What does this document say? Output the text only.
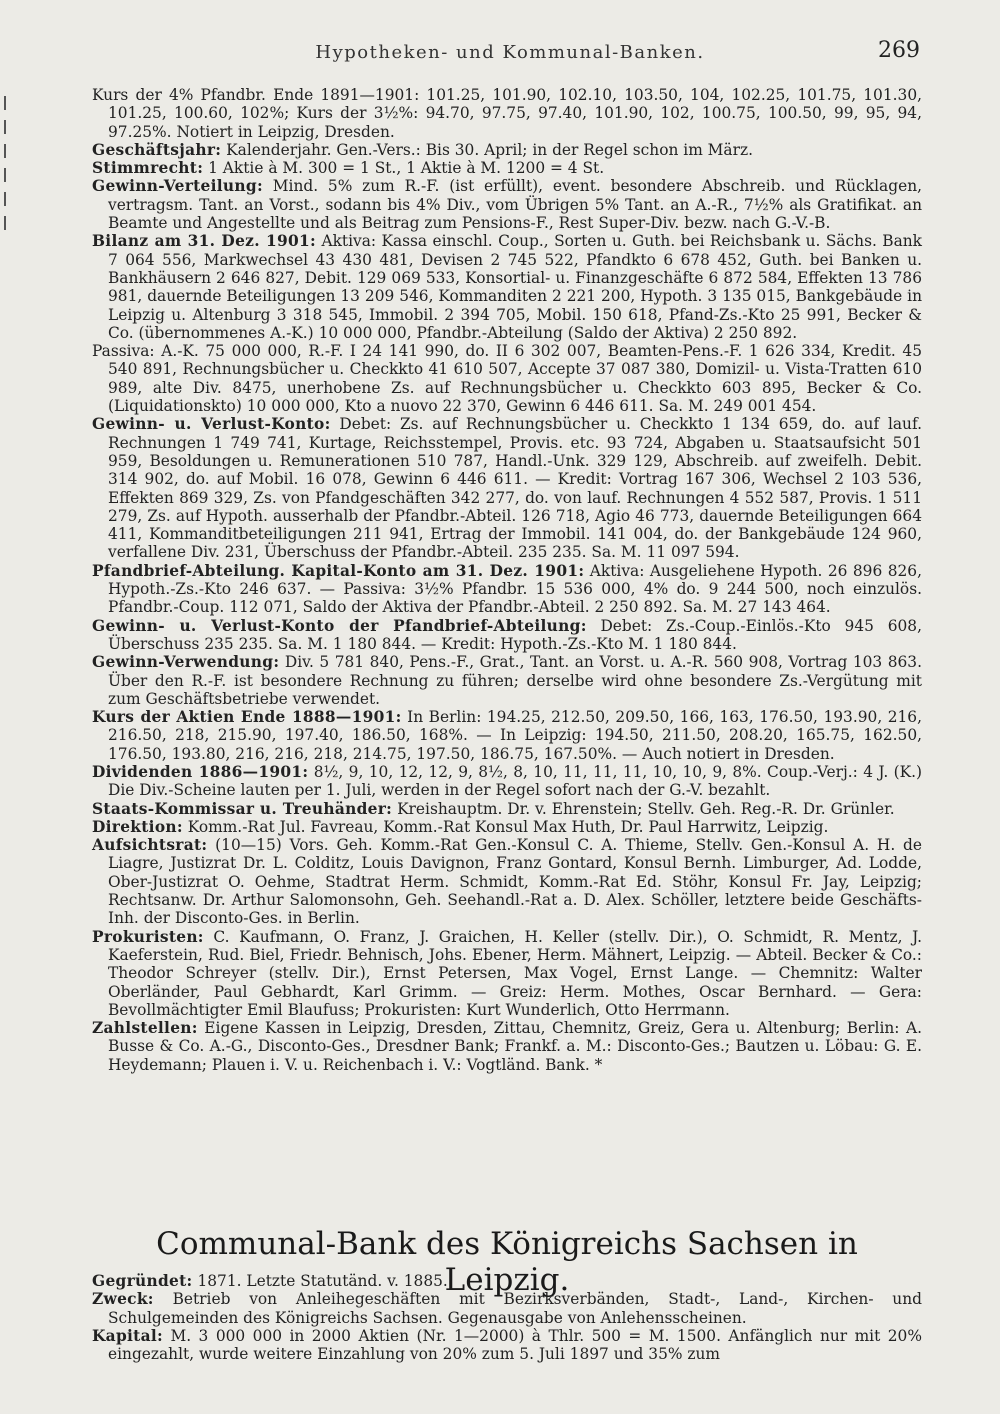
Hypotheken- und Kommunal-Banken.	269

Kurs der 4% Pfandbr. Ende 1891—1901: 101.25, 101.90, 102.10, 103.50, 104, 102.25, 101.75, 101.30, 101.25, 100.60, 102%; Kurs der 3½%: 94.70, 97.75, 97.40, 101.90, 102, 100.75, 100.50, 99, 95, 94, 97.25%. Notiert in Leipzig, Dresden.

Geschäftsjahr: Kalenderjahr. Gen.-Vers.: Bis 30. April; in der Regel schon im März.

Stimmrecht: 1 Aktie à M. 300 = 1 St., 1 Aktie à M. 1200 = 4 St.

Gewinn-Verteilung: Mind. 5% zum R.-F. (ist erfüllt), event. besondere Abschreib. und Rücklagen, vertragsm. Tant. an Vorst., sodann bis 4% Div., vom Übrigen 5% Tant. an A.-R., 7½% als Gratifikat. an Beamte und Angestellte und als Beitrag zum Pensions-F., Rest Super-Div. bezw. nach G.-V.-B.

Bilanz am 31. Dez. 1901: Aktiva: Kassa einschl. Coup., Sorten u. Guth. bei Reichsbank u. Sächs. Bank 7 064 556, Markwechsel 43 430 481, Devisen 2 745 522, Pfandkto 6 678 452, Guth. bei Banken u. Bankhäusern 2 646 827, Debit. 129 069 533, Konsortial- u. Finanzgeschäfte 6 872 584, Effekten 13 786 981, dauernde Beteiligungen 13 209 546, Kommanditen 2 221 200, Hypoth. 3 135 015, Bankgebäude in Leipzig u. Altenburg 3 318 545, Immobil. 2 394 705, Mobil. 150 618, Pfand-Zs.-Kto 25 991, Becker & Co. (übernommenes A.-K.) 10 000 000, Pfandbr.-Abteilung (Saldo der Aktiva) 2 250 892.

Passiva: A.-K. 75 000 000, R.-F. I 24 141 990, do. II 6 302 007, Beamten-Pens.-F. 1 626 334, Kredit. 45 540 891, Rechnungsbücher u. Checkkto 41 610 507, Accepte 37 087 380, Domizil- u. Vista-Tratten 610 989, alte Div. 8475, unerhobene Zs. auf Rechnungsbücher u. Checkkto 603 895, Becker & Co. (Liquidationskto) 10 000 000, Kto a nuovo 22 370, Gewinn 6 446 611. Sa. M. 249 001 454.

Gewinn- u. Verlust-Konto: Debet: Zs. auf Rechnungsbücher u. Checkkto 1 134 659, do. auf lauf. Rechnungen 1 749 741, Kurtage, Reichsstempel, Provis. etc. 93 724, Abgaben u. Staatsaufsicht 501 959, Besoldungen u. Remunerationen 510 787, Handl.-Unk. 329 129, Abschreib. auf zweifelh. Debit. 314 902, do. auf Mobil. 16 078, Gewinn 6 446 611. — Kredit: Vortrag 167 306, Wechsel 2 103 536, Effekten 869 329, Zs. von Pfandgeschäften 342 277, do. von lauf. Rechnungen 4 552 587, Provis. 1 511 279, Zs. auf Hypoth. ausserhalb der Pfandbr.-Abteil. 126 718, Agio 46 773, dauernde Beteiligungen 664 411, Kommanditbeteiligungen 211 941, Ertrag der Immobil. 141 004, do. der Bankgebäude 124 960, verfallene Div. 231, Überschuss der Pfandbr.-Abteil. 235 235. Sa. M. 11 097 594.

Pfandbrief-Abteilung. Kapital-Konto am 31. Dez. 1901: Aktiva: Ausgeliehene Hypoth. 26 896 826, Hypoth.-Zs.-Kto 246 637. — Passiva: 3½% Pfandbr. 15 536 000, 4% do. 9 244 500, noch einzulös. Pfandbr.-Coup. 112 071, Saldo der Aktiva der Pfandbr.-Abteil. 2 250 892. Sa. M. 27 143 464.

Gewinn- u. Verlust-Konto der Pfandbrief-Abteilung: Debet: Zs.-Coup.-Einlös.-Kto 945 608, Überschuss 235 235. Sa. M. 1 180 844. — Kredit: Hypoth.-Zs.-Kto M. 1 180 844.

Gewinn-Verwendung: Div. 5 781 840, Pens.-F., Grat., Tant. an Vorst. u. A.-R. 560 908, Vortrag 103 863. Über den R.-F. ist besondere Rechnung zu führen; derselbe wird ohne besondere Zs.-Vergütung mit zum Geschäftsbetriebe verwendet.

Kurs der Aktien Ende 1888—1901: In Berlin: 194.25, 212.50, 209.50, 166, 163, 176.50, 193.90, 216, 216.50, 218, 215.90, 197.40, 186.50, 168%. — In Leipzig: 194.50, 211.50, 208.20, 165.75, 162.50, 176.50, 193.80, 216, 216, 218, 214.75, 197.50, 186.75, 167.50%. — Auch notiert in Dresden.

Dividenden 1886—1901: 8½, 9, 10, 12, 12, 9, 8½, 8, 10, 11, 11, 11, 10, 10, 9, 8%. Coup.-Verj.: 4 J. (K.) Die Div.-Scheine lauten per 1. Juli, werden in der Regel sofort nach der G.-V. bezahlt.

Staats-Kommissar u. Treuhänder: Kreishauptm. Dr. v. Ehrenstein; Stellv. Geh. Reg.-R. Dr. Grünler.

Direktion: Komm.-Rat Jul. Favreau, Komm.-Rat Konsul Max Huth, Dr. Paul Harrwitz, Leipzig.

Aufsichtsrat: (10—15) Vors. Geh. Komm.-Rat Gen.-Konsul C. A. Thieme, Stellv. Gen.-Konsul A. H. de Liagre, Justizrat Dr. L. Colditz, Louis Davignon, Franz Gontard, Konsul Bernh. Limburger, Ad. Lodde, Ober-Justizrat O. Oehme, Stadtrat Herm. Schmidt, Komm.-Rat Ed. Stöhr, Konsul Fr. Jay, Leipzig; Rechtsanw. Dr. Arthur Salomonsohn, Geh. Seehandl.-Rat a. D. Alex. Schöller, letztere beide Geschäfts-Inh. der Disconto-Ges. in Berlin.

Prokuristen: C. Kaufmann, O. Franz, J. Graichen, H. Keller (stellv. Dir.), O. Schmidt, R. Mentz, J. Kaeferstein, Rud. Biel, Friedr. Behnisch, Johs. Ebener, Herm. Mähnert, Leipzig. — Abteil. Becker & Co.: Theodor Schreyer (stellv. Dir.), Ernst Petersen, Max Vogel, Ernst Lange. — Chemnitz: Walter Oberländer, Paul Gebhardt, Karl Grimm. — Greiz: Herm. Mothes, Oscar Bernhard. — Gera: Bevollmächtigter Emil Blaufuss; Prokuristen: Kurt Wunderlich, Otto Herrmann.

Zahlstellen: Eigene Kassen in Leipzig, Dresden, Zittau, Chemnitz, Greiz, Gera u. Altenburg; Berlin: A. Busse & Co. A.-G., Disconto-Ges., Dresdner Bank; Frankf. a. M.: Disconto-Ges.; Bautzen u. Löbau: G. E. Heydemann; Plauen i. V. u. Reichenbach i. V.: Vogtländ. Bank. *

Communal-Bank des Königreichs Sachsen in Leipzig.

Gegründet: 1871. Letzte Statutänd. v. 1885.

Zweck: Betrieb von Anleihegeschäften mit Bezirksverbänden, Stadt-, Land-, Kirchen- und Schulgemeinden des Königreichs Sachsen. Gegenausgabe von Anlehensscheinen.

Kapital: M. 3 000 000 in 2000 Aktien (Nr. 1—2000) à Thlr. 500 = M. 1500. Anfänglich nur mit 20% eingezahlt, wurde weitere Einzahlung von 20% zum 5. Juli 1897 und 35% zum
